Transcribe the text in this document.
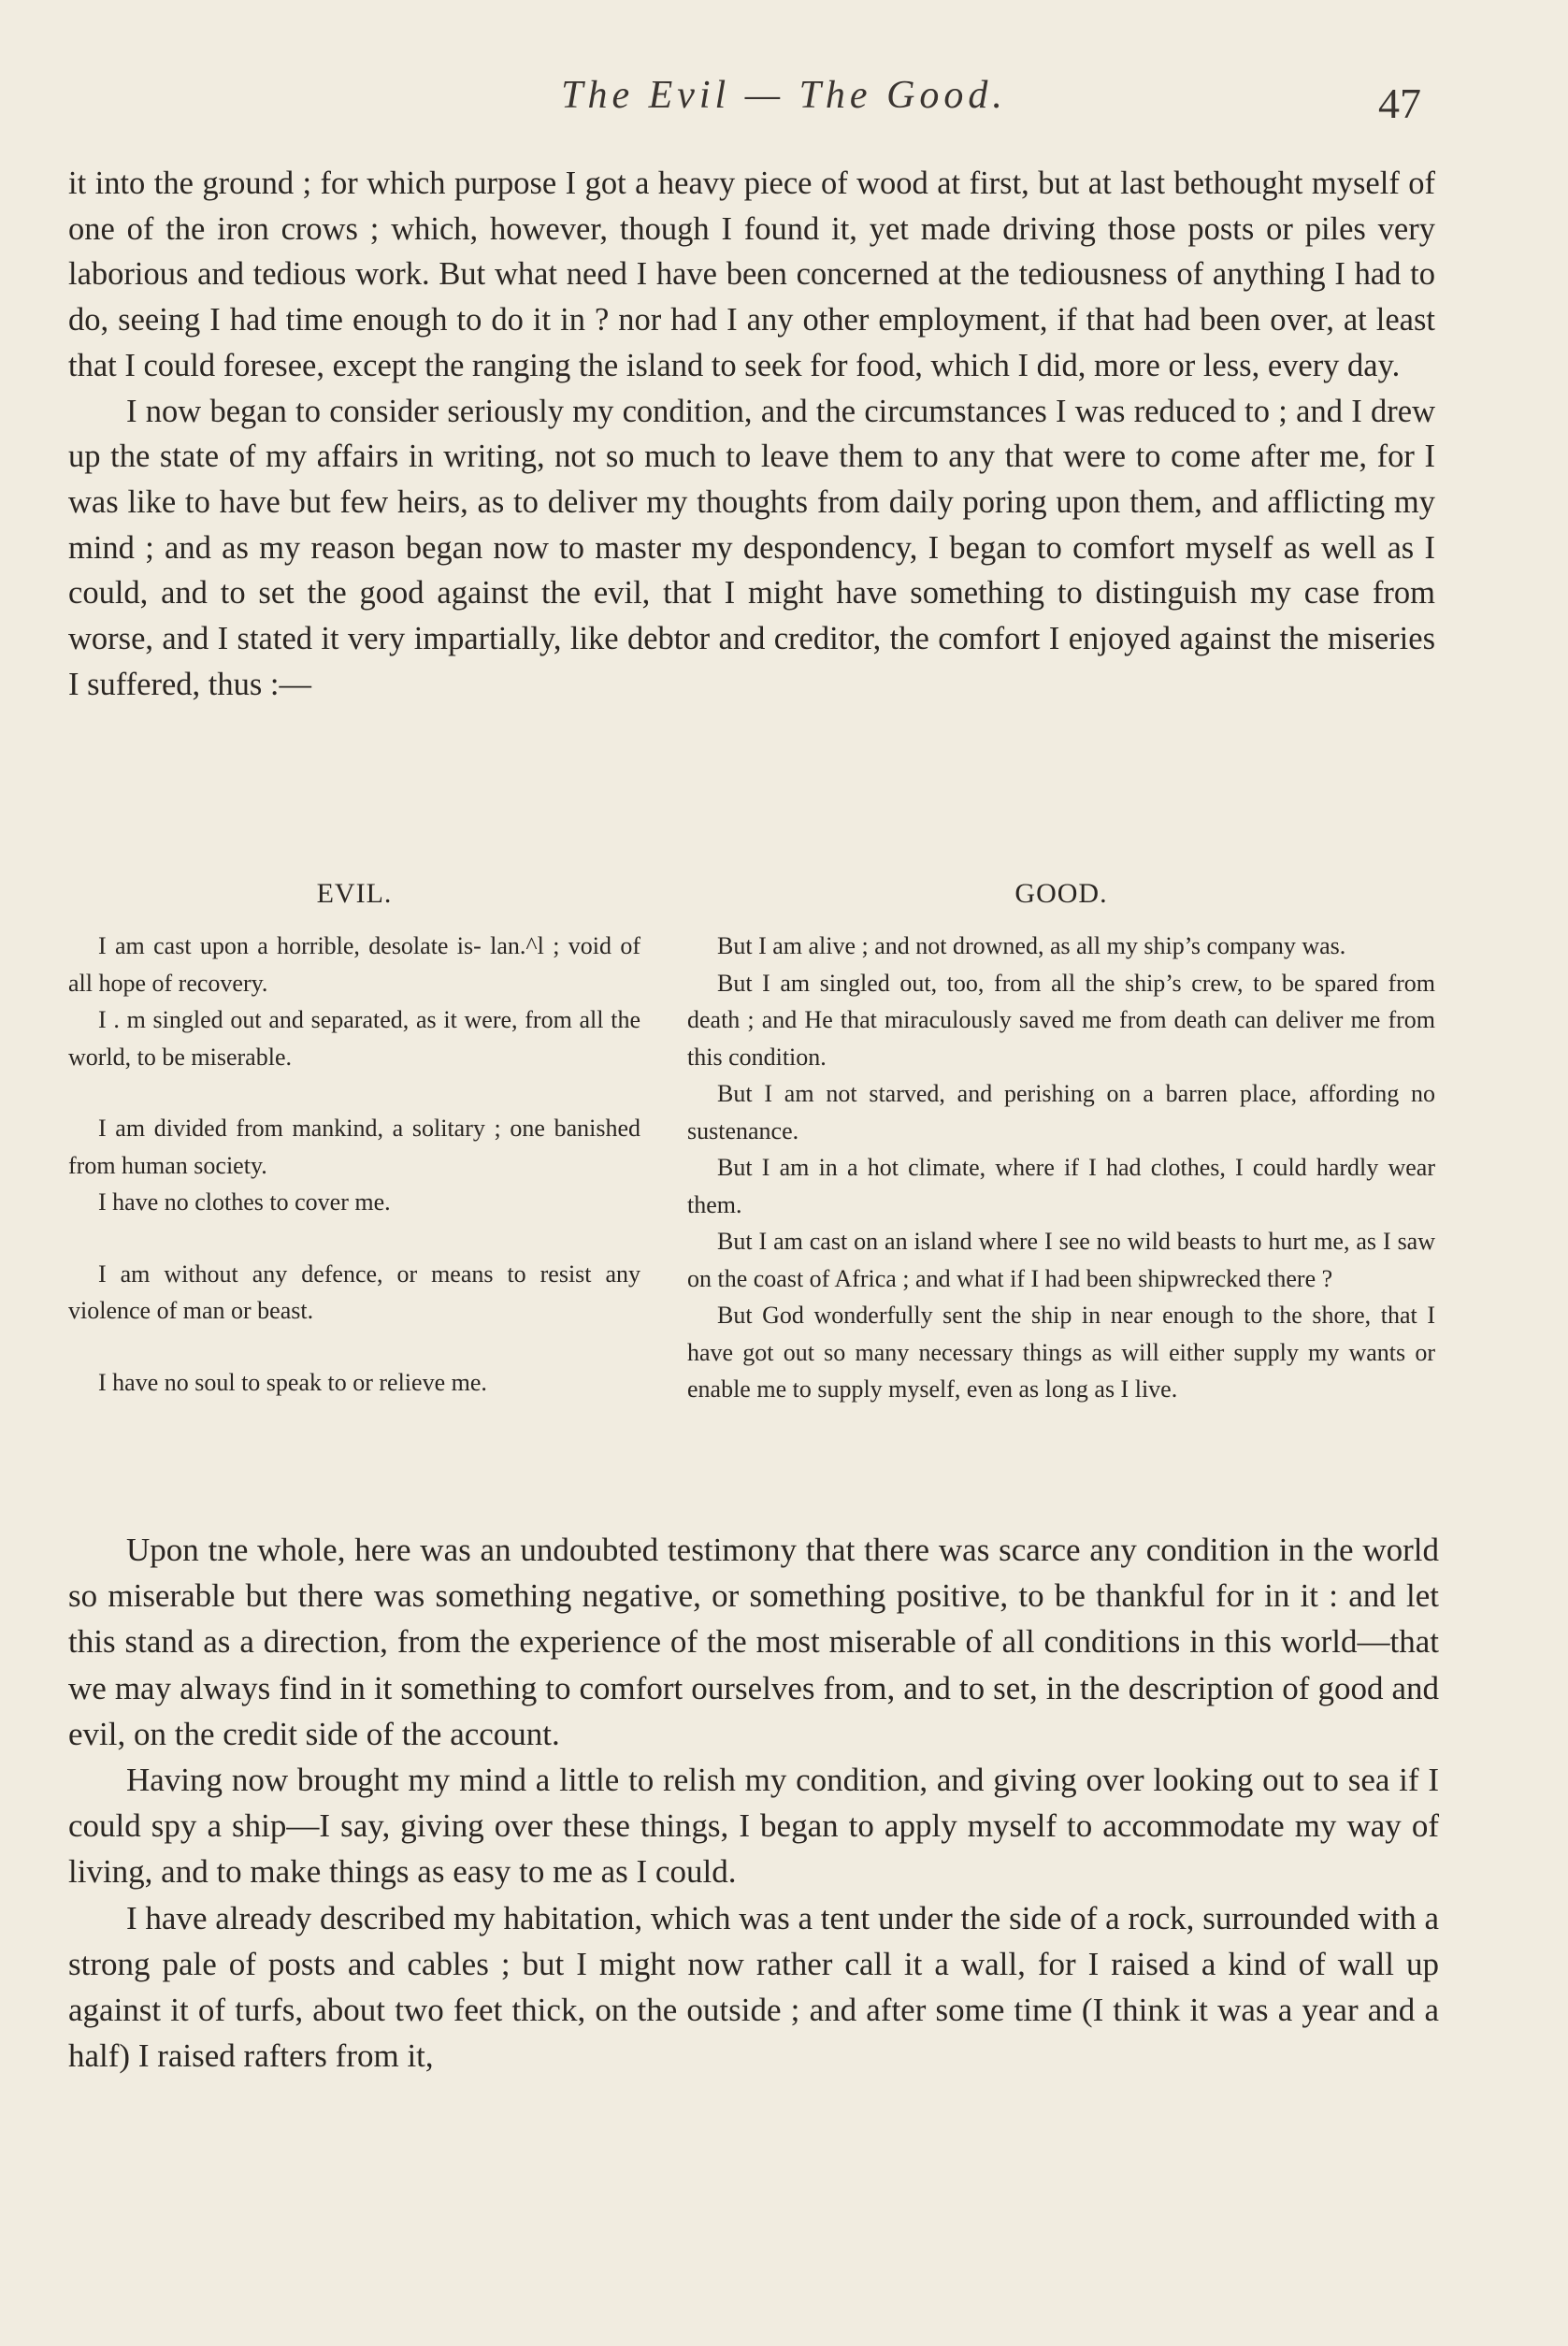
The Evil — The Good.	47

it into the ground ; for which purpose I got a heavy piece of wood at first, but at last bethought myself of one of the iron crows ; which, however, though I found it, yet made driving those posts or piles very laborious and tedious work. But what need I have been concerned at the tediousness of anything I had to do, seeing I had time enough to do it in ? nor had I any other employment, if that had been over, at least that I could foresee, except the ranging the island to seek for food, which I did, more or less, every day.

I now began to consider seriously my condition, and the circumstances I was reduced to ; and I drew up the state of my affairs in writing, not so much to leave them to any that were to come after me, for I was like to have but few heirs, as to deliver my thoughts from daily poring upon them, and afflicting my mind ; and as my reason began now to master my despondency, I began to comfort myself as well as I could, and to set the good against the evil, that I might have something to distinguish my case from worse, and I stated it very impartially, like debtor and creditor, the comfort I enjoyed against the miseries I suffered, thus :—

EVIL.

I am cast upon a horrible, desolate is- lan.^l ; void of all hope of recovery.

I . m singled out and separated, as it were, from all the world, to be miserable.

I am divided from mankind, a solitary ; one banished from human society.

I have no clothes to cover me.

I am without any defence, or means to resist any violence of man or beast.

I have no soul to speak to or relieve me.

GOOD.

But I am alive ; and not drowned, as all my ship’s company was.

But I am singled out, too, from all the ship’s crew, to be spared from death ; and He that miraculously saved me from death can deliver me from this condition.

But I am not starved, and perishing on a barren place, affording no sustenance.

But I am in a hot climate, where if I had clothes, I could hardly wear them.

But I am cast on an island where I see no wild beasts to hurt me, as I saw on the coast of Africa ; and what if I had been shipwrecked there ?

But God wonderfully sent the ship in near enough to the shore, that I have got out so many necessary things as will either supply my wants or enable me to supply myself, even as long as I live.

Upon tne whole, here was an undoubted testimony that there was scarce any condition in the world so miserable but there was something negative, or something positive, to be thankful for in it : and let this stand as a direction, from the experience of the most miserable of all conditions in this world—that we may always find in it something to comfort ourselves from, and to set, in the description of good and evil, on the credit side of the account.

Having now brought my mind a little to relish my condition, and giving over looking out to sea if I could spy a ship—I say, giving over these things, I began to apply myself to accommodate my way of living, and to make things as easy to me as I could.

I have already described my habitation, which was a tent under the side of a rock, surrounded with a strong pale of posts and cables ; but I might now rather call it a wall, for I raised a kind of wall up against it of turfs, about two feet thick, on the outside ; and after some time (I think it was a year and a half) I raised rafters from it,
